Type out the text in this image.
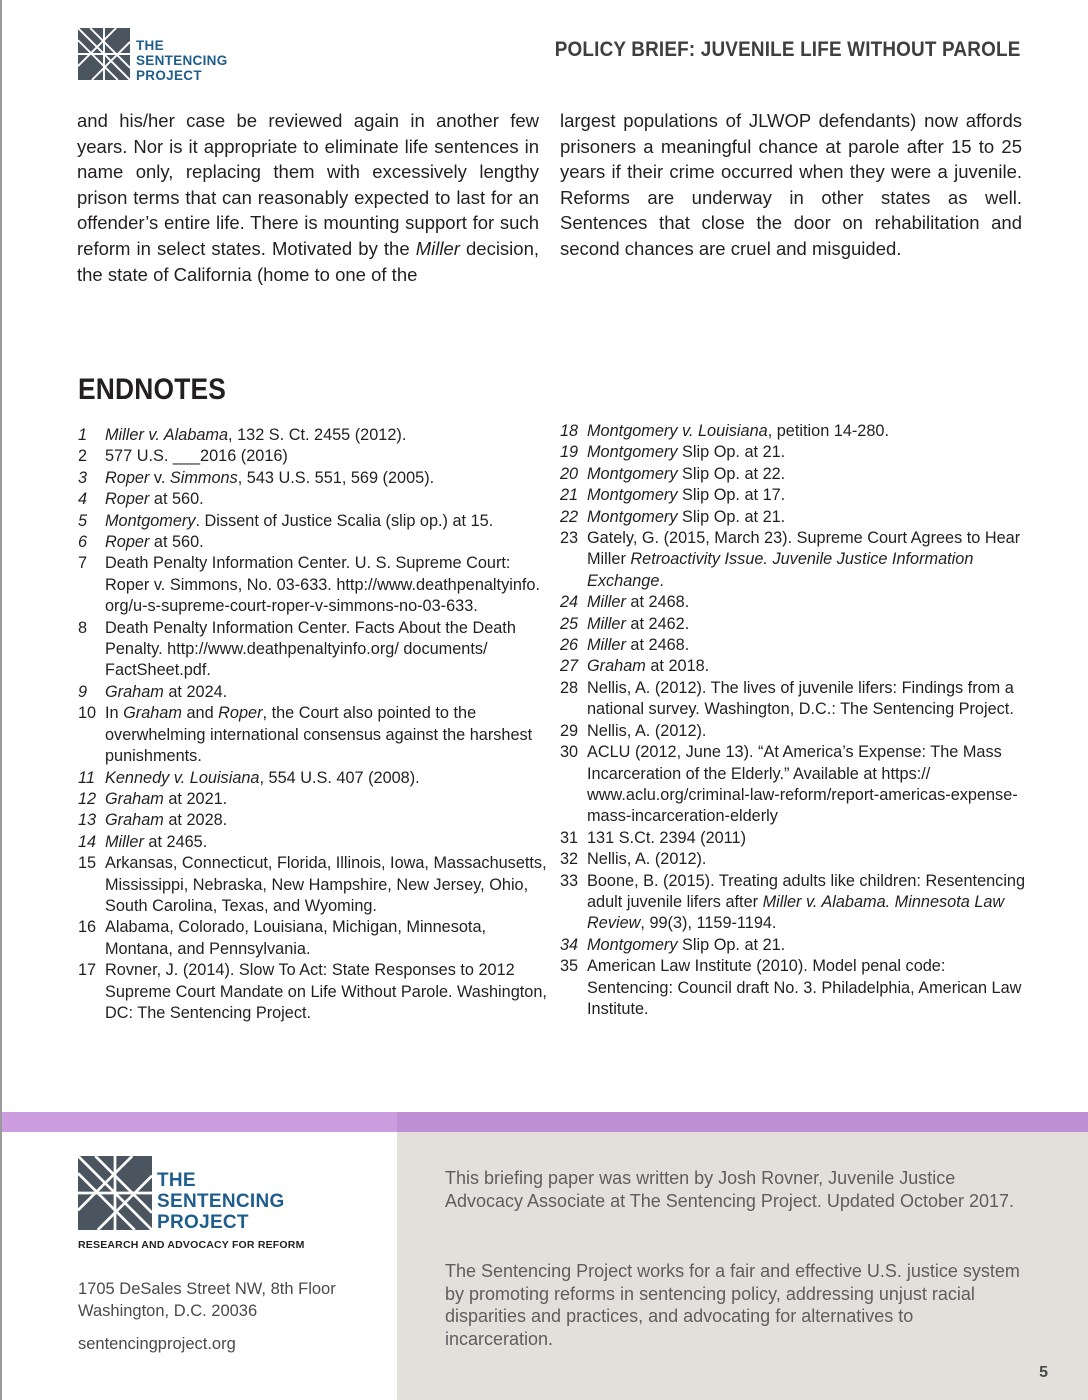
THE
SENTENCING
PROJECT
POLICY BRIEF: JUVENILE LIFE WITHOUT PAROLE
and his/her case be reviewed again in another few years. Nor is it appropriate to eliminate life sentences in name only, replacing them with excessively lengthy prison terms that can reasonably expected to last for an offender’s entire life. There is mounting support for such reform in select states. Motivated by the Miller decision, the state of California (home to one of the
largest populations of JLWOP defendants) now affords prisoners a meaningful chance at parole after 15 to 25 years if their crime occurred when they were a juvenile. Reforms are underway in other states as well. Sentences that close the door on rehabilitation and second chances are cruel and misguided.
ENDNOTES
1	Miller v. Alabama, 132 S. Ct. 2455 (2012).
2	577 U.S. ___2016 (2016)
3	Roper v. Simmons, 543 U.S. 551, 569 (2005).
4	Roper at 560.
5	Montgomery. Dissent of Justice Scalia (slip op.) at 15.
6	Roper at 560.
7	Death Penalty Information Center. U. S. Supreme Court: Roper v. Simmons, No. 03-633. http://www.deathpenaltyinfo. org/u-s-supreme-court-roper-v-simmons-no-03-633.
8	Death Penalty Information Center. Facts About the Death Penalty. http://www.deathpenaltyinfo.org/ documents/ FactSheet.pdf.
9	Graham at 2024.
10 In Graham and Roper, the Court also pointed to the overwhelming international consensus against the harshest punishments.
11 Kennedy v. Louisiana, 554 U.S. 407 (2008).
12 Graham at 2021.
13 Graham at 2028.
14 Miller at 2465.
15 Arkansas, Connecticut, Florida, Illinois, Iowa, Massachusetts, Mississippi, Nebraska, New Hampshire, New Jersey, Ohio, South Carolina, Texas, and Wyoming.
16 Alabama, Colorado, Louisiana, Michigan, Minnesota, Montana, and Pennsylvania.
17 Rovner, J. (2014). Slow To Act: State Responses to 2012 Supreme Court Mandate on Life Without Parole. Washington, DC: The Sentencing Project.
18 Montgomery v. Louisiana, petition 14-280.
19 Montgomery Slip Op. at 21.
20 Montgomery Slip Op. at 22.
21 Montgomery Slip Op. at 17.
22 Montgomery Slip Op. at 21.
23 Gately, G. (2015, March 23). Supreme Court Agrees to Hear Miller Retroactivity Issue. Juvenile Justice Information Exchange.
24 Miller at 2468.
25 Miller at 2462.
26 Miller at 2468.
27 Graham at 2018.
28 Nellis, A. (2012). The lives of juvenile lifers: Findings from a national survey. Washington, D.C.: The Sentencing Project.
29 Nellis, A. (2012).
30 ACLU (2012, June 13). “At America’s Expense: The Mass Incarceration of the Elderly.” Available at https:// www.aclu.org/criminal-law-reform/report-americas-expense-mass-incarceration-elderly
31 131 S.Ct. 2394 (2011)
32 Nellis, A. (2012).
33 Boone, B. (2015). Treating adults like children: Resentencing adult juvenile lifers after Miller v. Alabama. Minnesota Law Review, 99(3), 1159-1194.
34 Montgomery Slip Op. at 21.
35 American Law Institute (2010). Model penal code: Sentencing: Council draft No. 3. Philadelphia, American Law Institute.
THE
SENTENCING
PROJECT
RESEARCH AND ADVOCACY FOR REFORM
1705 DeSales Street NW, 8th Floor
Washington, D.C. 20036
sentencingproject.org
This briefing paper was written by Josh Rovner, Juvenile Justice Advocacy Associate at The Sentencing Project. Updated October 2017.
The Sentencing Project works for a fair and effective U.S. justice system by promoting reforms in sentencing policy, addressing unjust racial disparities and practices, and advocating for alternatives to incarceration.
5
